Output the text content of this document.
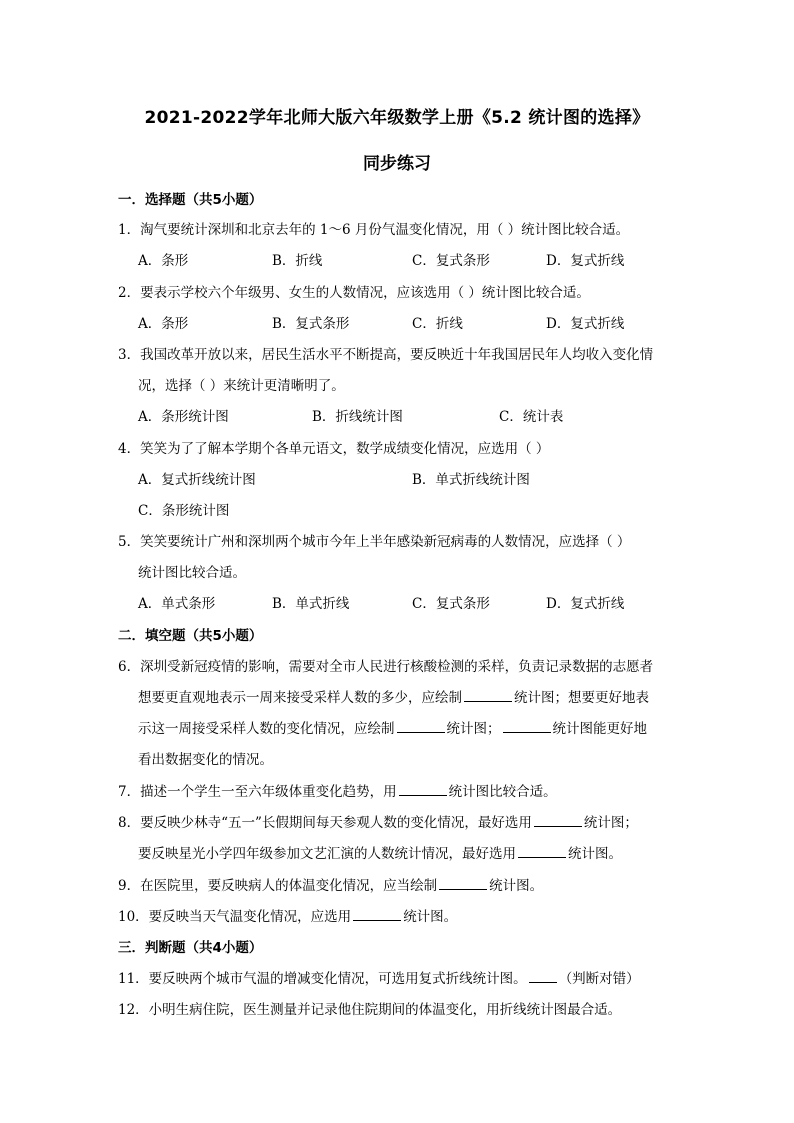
2021-2022学年北师大版六年级数学上册《5.2 统计图的选择》
同步练习
一．选择题（共5小题）
1．淘气要统计深圳和北京去年的 1～6 月份气温变化情况，用（ ）统计图比较合适。
A．条形	B．折线	C．复式条形	D．复式折线
2．要表示学校六个年级男、女生的人数情况，应该选用（ ）统计图比较合适。
A．条形	B．复式条形	C．折线	D．复式折线
3．我国改革开放以来，居民生活水平不断提高，要反映近十年我国居民年人均收入变化情
况，选择（ ）来统计更清晰明了。
A．条形统计图	B．折线统计图	C．统计表
4．笑笑为了了解本学期个各单元语文，数学成绩变化情况，应选用（ ）
A．复式折线统计图	B．单式折线统计图
C．条形统计图
5．笑笑要统计广州和深圳两个城市今年上半年感染新冠病毒的人数情况，应选择（ ）
统计图比较合适。
A．单式条形	B．单式折线	C．复式条形	D．复式折线
二．填空题（共5小题）
6．深圳受新冠疫情的影响，需要对全市人民进行核酸检测的采样，负责记录数据的志愿者
想要更直观地表示一周来接受采样人数的多少，应绘制	统计图；想要更好地表
示这一周接受采样人数的变化情况，应绘制	统计图；	统计图能更好地
看出数据变化的情况。
7．描述一个学生一至六年级体重变化趋势，用	统计图比较合适。
8．要反映少林寺“五一”长假期间每天参观人数的变化情况，最好选用	统计图；
要反映星光小学四年级参加文艺汇演的人数统计情况，最好选用	统计图。
9．在医院里，要反映病人的体温变化情况，应当绘制	统计图。
10．要反映当天气温变化情况，应选用	统计图。
三．判断题（共4小题）
11．要反映两个城市气温的增减变化情况，可选用复式折线统计图。 （判断对错）
12．小明生病住院，医生测量并记录他住院期间的体温变化，用折线统计图最合适。
